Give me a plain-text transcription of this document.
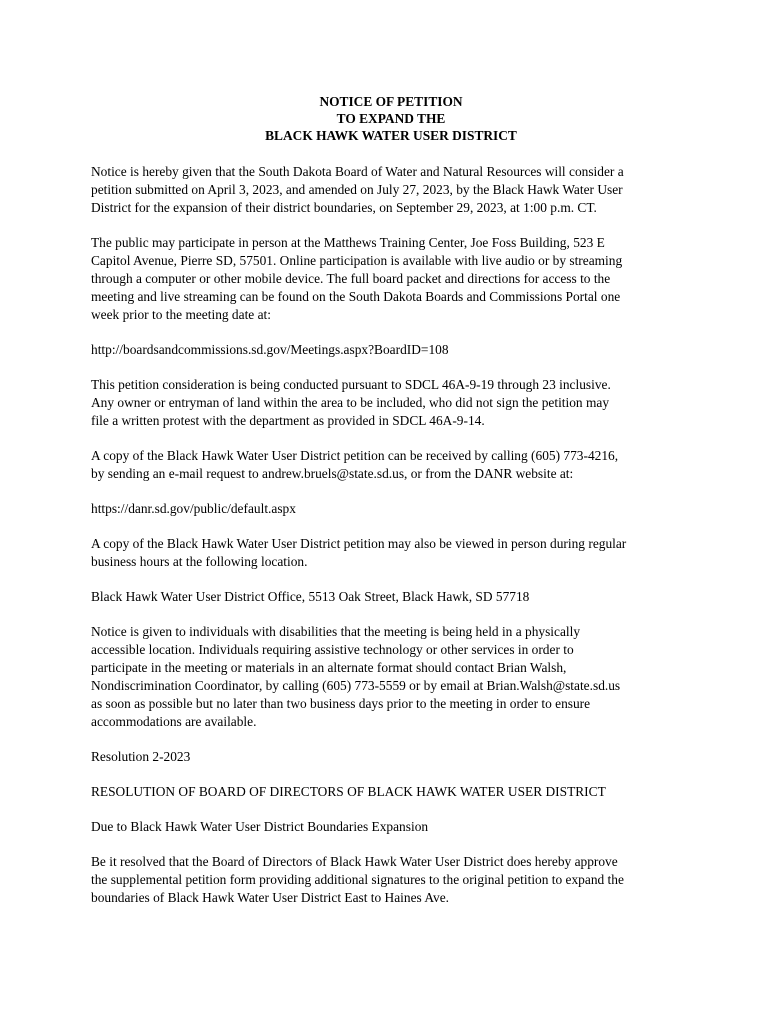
NOTICE OF PETITION
TO EXPAND THE
BLACK HAWK WATER USER DISTRICT

Notice is hereby given that the South Dakota Board of Water and Natural Resources will consider a
petition submitted on April 3, 2023, and amended on July 27, 2023, by the Black Hawk Water User
District for the expansion of their district boundaries, on September 29, 2023, at 1:00 p.m. CT.

The public may participate in person at the Matthews Training Center, Joe Foss Building, 523 E
Capitol Avenue, Pierre SD, 57501. Online participation is available with live audio or by streaming
through a computer or other mobile device. The full board packet and directions for access to the
meeting and live streaming can be found on the South Dakota Boards and Commissions Portal one
week prior to the meeting date at:

http://boardsandcommissions.sd.gov/Meetings.aspx?BoardID=108

This petition consideration is being conducted pursuant to SDCL 46A-9-19 through 23 inclusive.
Any owner or entryman of land within the area to be included, who did not sign the petition may
file a written protest with the department as provided in SDCL 46A-9-14.

A copy of the Black Hawk Water User District petition can be received by calling (605) 773-4216,
by sending an e-mail request to andrew.bruels@state.sd.us, or from the DANR website at:

https://danr.sd.gov/public/default.aspx

A copy of the Black Hawk Water User District petition may also be viewed in person during regular
business hours at the following location.

Black Hawk Water User District Office, 5513 Oak Street, Black Hawk, SD 57718

Notice is given to individuals with disabilities that the meeting is being held in a physically
accessible location. Individuals requiring assistive technology or other services in order to
participate in the meeting or materials in an alternate format should contact Brian Walsh,
Nondiscrimination Coordinator, by calling (605) 773-5559 or by email at Brian.Walsh@state.sd.us
as soon as possible but no later than two business days prior to the meeting in order to ensure
accommodations are available.

Resolution 2-2023

RESOLUTION OF BOARD OF DIRECTORS OF BLACK HAWK WATER USER DISTRICT

Due to Black Hawk Water User District Boundaries Expansion

Be it resolved that the Board of Directors of Black Hawk Water User District does hereby approve
the supplemental petition form providing additional signatures to the original petition to expand the
boundaries of Black Hawk Water User District East to Haines Ave.
